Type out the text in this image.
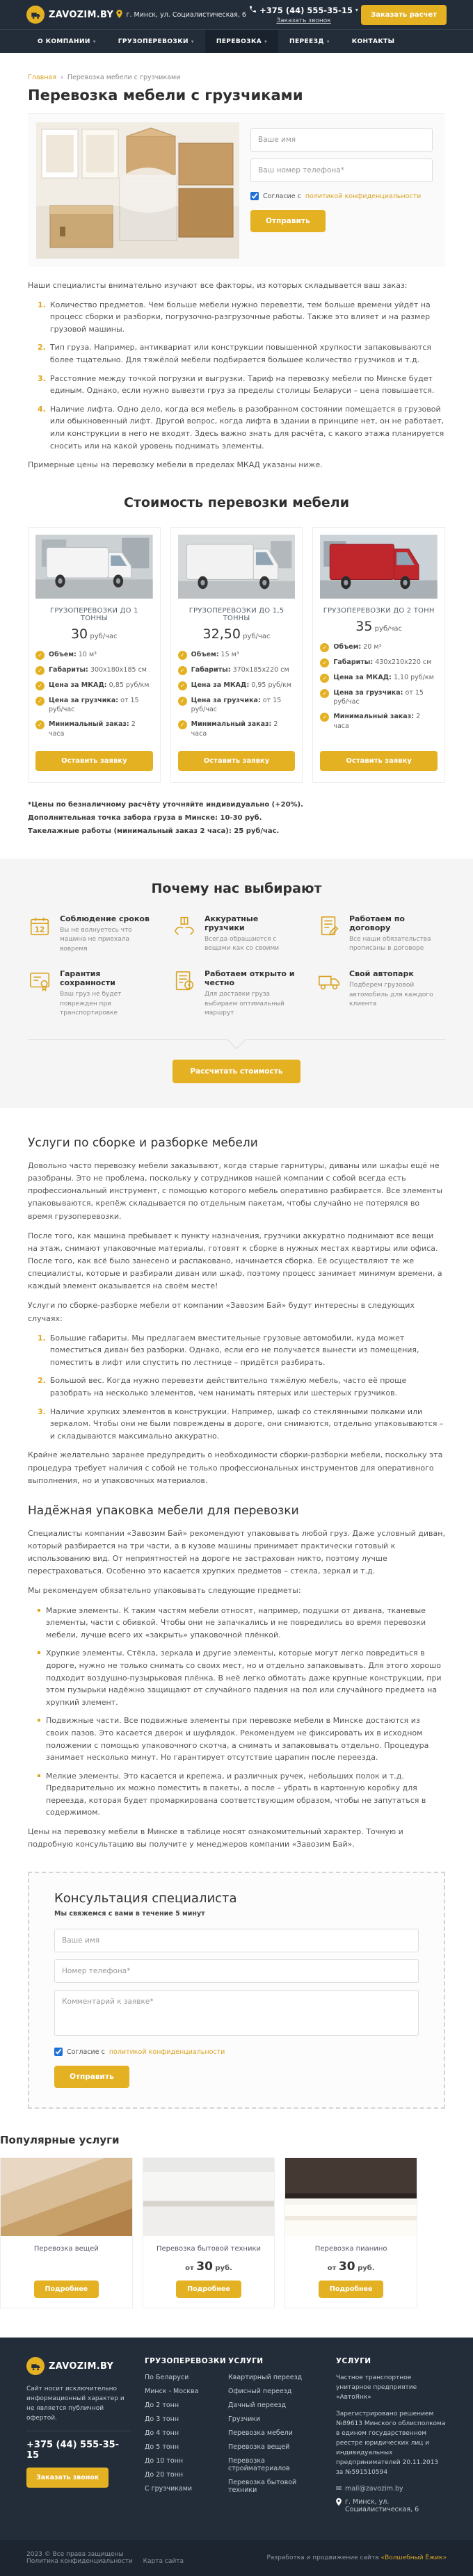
ZAVOZIM.BY г. Минск, ул. Социалистическая, 6 +375 (44) 555-35-15 ▾
Заказать звонок
Заказать расчет
О КОМПАНИИ ▾	ГРУЗОПЕРЕВОЗКИ ▾	ПЕРЕВОЗКА ▾	ПЕРЕЕЗД ▾	КОНТАКТЫ
Главная › Перевозка мебели с грузчиками
Перевозка мебели с грузчиками
Ваше имя Ваш номер телефона*
Согласие с политикой конфиденциальности
Отправить

Наши специалисты внимательно изучают все факторы, из которых складывается ваш заказ:

1. Количество предметов. Чем больше мебели нужно перевезти, тем больше времени уйдёт на процесс сборки и разборки, погрузочно-разгрузочные работы. Также это влияет и на размер грузовой машины.
2. Тип груза. Например, антиквариат или конструкции повышенной хрупкости запаковываются более тщательно. Для тяжёлой мебели подбирается большее количество грузчиков и т.д.
3. Расстояние между точкой погрузки и выгрузки. Тариф на перевозку мебели по Минске будет единым. Однако, если нужно вывезти груз за пределы столицы Беларуси – цена повышается.
4. Наличие лифта. Одно дело, когда вся мебель в разобранном состоянии помещается в грузовой или обыкновенный лифт. Другой вопрос, когда лифта в здании в принципе нет, он не работает, или конструкции в него не входят. Здесь важно знать для расчёта, с какого этажа планируется сносить или на какой уровень поднимать элементы.

Примерные цены на перевозку мебели в пределах МКАД указаны ниже.

Стоимость перевозки мебели
ГРУЗОПЕРЕВОЗКИ ДО 1 ТОННЫ
30 руб/час
✓ Объем: 10 м³
✓ Габариты: 300х180х185 см
✓ Цена за МКАД: 0,85 руб/км
✓ Цена за грузчика: от 15 руб/час
✓ Минимальный заказ: 2 часа
Оставить заявку
ГРУЗОПЕРЕВОЗКИ ДО 1,5 ТОННЫ
32,50 руб/час
✓ Объем: 15 м³
✓ Габариты: 370х185х220 см
✓ Цена за МКАД: 0,95 руб/км
✓ Цена за грузчика: от 15 руб/час
✓ Минимальный заказ: 2 часа
Оставить заявку
ГРУЗОПЕРЕВОЗКИ ДО 2 ТОНН
35 руб/час
✓ Объем: 20 м³
✓ Габариты: 430х210х220 см
✓ Цена за МКАД: 1,10 руб/км
✓ Цена за грузчика: от 15 руб/час
✓ Минимальный заказ: 2 часа
Оставить заявку

*Цены по безналичному расчёту уточняйте индивидуально (+20%).

Дополнительная точка забора груза в Минске: 10-30 руб.

Такелажные работы (минимальный заказ 2 часа): 25 руб/час.

Почему нас выбирают
12
Соблюдение сроков
Вы не волнуетесь что машина не приехала вовремя
Аккуратные грузчики
Всегда обращаются с вещами как со своими
Работаем по договору
Все наши обязательства прописаны в договоре
Гарантия сохранности
Ваш груз не будет поврежден при транспортировке
Работаем открыто и честно
Для доставки груза выбираем оптимальный маршрут
Свой автопарк
Подберем грузовой автомобиль для каждого клиента
Рассчитать стоимость
Услуги по сборке и разборке мебели

Довольно часто перевозку мебели заказывают, когда старые гарнитуры, диваны или шкафы ещё не разобраны. Это не проблема, поскольку у сотрудников нашей компании с собой всегда есть профессиональный инструмент, с помощью которого мебель оперативно разбирается. Все элементы упаковываются, крепёж складывается по отдельным пакетам, чтобы случайно не потерялся во время грузоперевозки.

После того, как машина пребывает к пункту назначения, грузчики аккуратно поднимают все вещи на этаж, снимают упаковочные материалы, готовят к сборке в нужных местах квартиры или офиса. После того, как всё было занесено и распаковано, начинается сборка. Её осуществляют те же специалисты, которые и разбирали диван или шкаф, поэтому процесс занимает минимум времени, а каждый элемент оказывается на своём месте!

Услуги по сборке-разборке мебели от компании «Завозим Бай» будут интересны в следующих случаях:

1. Большие габариты. Мы предлагаем вместительные грузовые автомобили, куда может поместиться диван без разборки. Однако, если его не получается вынести из помещения, поместить в лифт или спустить по лестнице – придётся разбирать.
2. Большой вес. Когда нужно перевезти действительно тяжёлую мебель, часто её проще разобрать на несколько элементов, чем нанимать пятерых или шестерых грузчиков.
3. Наличие хрупких элементов в конструкции. Например, шкаф со стеклянными полками или зеркалом. Чтобы они не были повреждены в дороге, они снимаются, отдельно упаковываются – и складываются максимально аккуратно.

Крайне желательно заранее предупредить о необходимости сборки-разборки мебели, поскольку эта процедура требует наличия с собой не только профессиональных инструментов для оперативного выполнения, но и упаковочных материалов.

Надёжная упаковка мебели для перевозки

Специалисты компании «Завозим Бай» рекомендуют упаковывать любой груз. Даже условный диван, который разбирается на три части, а в кузове машины принимает практически готовый к использованию вид. От неприятностей на дороге не застрахован никто, поэтому лучше перестраховаться. Особенно это касается хрупких предметов – стекла, зеркал и т.д.

Мы рекомендуем обязательно упаковывать следующие предметы:

Маркие элементы. К таким частям мебели относят, например, подушки от дивана, тканевые элементы, части с обивкой. Чтобы они не запачкались и не повредились во время перевозки мебели, лучше всего их «закрыть» упаковочной плёнкой.
Хрупкие элементы. Стёкла, зеркала и другие элементы, которые могут легко повредиться в дороге, нужно не только снимать со своих мест, но и отдельно запаковывать. Для этого хорошо подходит воздушно-пузырьковая плёнка. В неё легко обмотать даже крупные конструкции, при этом пузырьки надёжно защищают от случайного падения на пол или случайного предмета на хрупкий элемент.
Подвижные части. Все подвижные элементы при перевозке мебели в Минске достаются из своих пазов. Это касается дверок и шуфлядок. Рекомендуем не фиксировать их в исходном положении с помощью упаковочного скотча, а снимать и запаковывать отдельно. Процедура занимает несколько минут. Но гарантирует отсутствие царапин после переезда.
Мелкие элементы. Это касается и крепежа, и различных ручек, небольших полок и т.д. Предварительно их можно поместить в пакеты, а после – убрать в картонную коробку для переезда, которая будет промаркирована соответствующим образом, чтобы не запутаться в содержимом.

Цены на перевозку мебели в Минске в таблице носят ознакомительный характер. Точную и подробную консультацию вы получите у менеджеров компании «Завозим Бай».

Консультация специалиста
Мы свяжемся с вами в течение 5 минут
Ваше имя Номер телефона* Комментарий к заявке*
Согласие с политикой конфиденциальности
Отправить
Популярные услуги
Перевозка вещей
Подробнее
Перевозка бытовой техники
от 30 руб.
Подробнее
Перевозка пианино
от 30 руб.
Подробнее
ZAVOZIM.BY

Сайт носит исключительно информационный характер и не является публичной офертой.

+375 (44) 555-35-15
Заказать звонок
ГРУЗОПЕРЕВОЗКИ
По Беларуси
Минск - Москва
До 2 тонн
До 3 тонн
До 4 тонн
До 5 тонн
До 10 тонн
До 20 тонн
С грузчиками
УСЛУГИ
Квартирный переезд
Офисный переезд
Дачный переезд
Грузчики
Перевозка мебели
Перевозка вещей
Перевозка стройматериалов
Перевозка бытовой техники
УСЛУГИ

Частное транспортное унитарное предприятие «АвтоЯнк»

Зарегистрировано решением №89613 Минского облисполкома в едином государственном реестре юридических лиц и индивидуальных предпринимателей 20.11.2013 за №591510594

✉ mail@zavozim.by
г. Минск, ул. Социалистическая, 6
2023 © Все права защищены
Политика конфиденциальности Карта сайта	Разработка и продвижение сайта «Волшебный Ёжик»
